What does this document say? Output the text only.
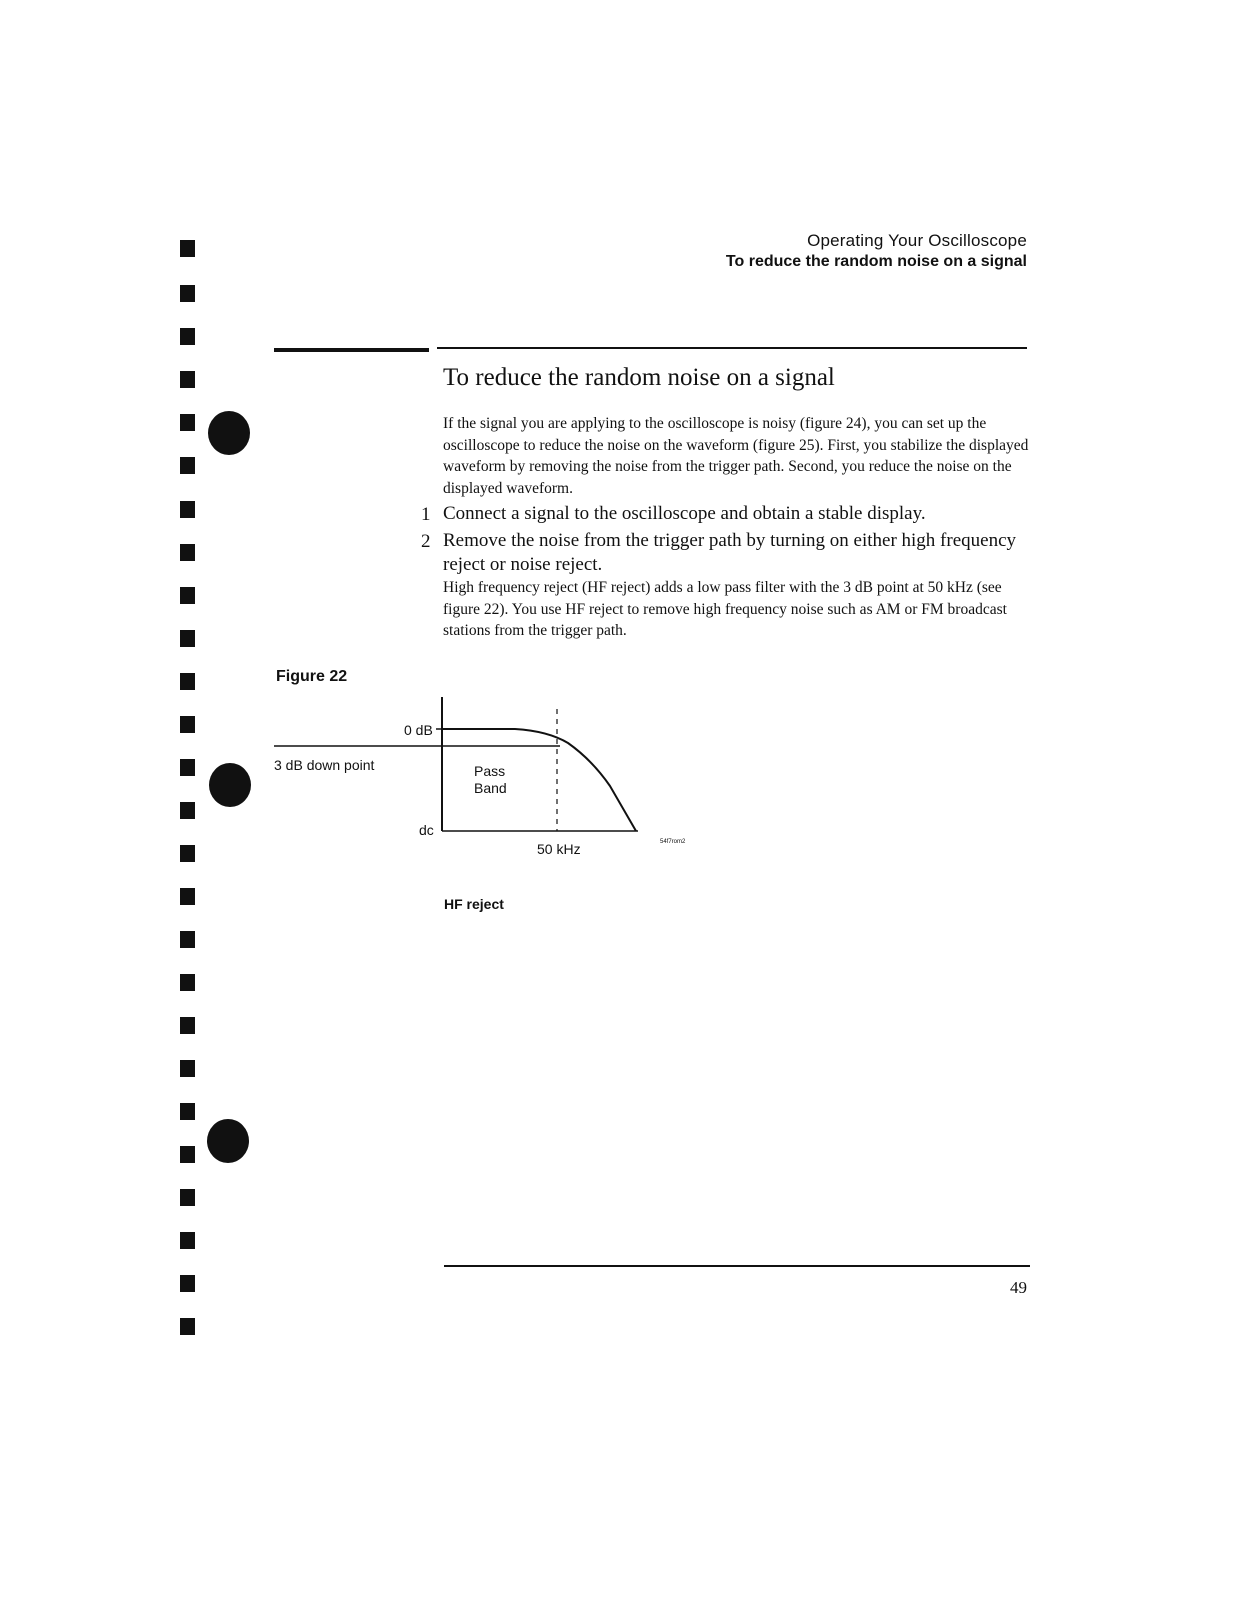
Operating Your Oscilloscope
To reduce the random noise on a signal
To reduce the random noise on a signal
If the signal you are applying to the oscilloscope is noisy (figure 24), you can set up the oscilloscope to reduce the noise on the waveform (figure 25). First, you stabilize the displayed waveform by removing the noise from the trigger path. Second, you reduce the noise on the displayed waveform.
1 Connect a signal to the oscilloscope and obtain a stable display.
2 Remove the noise from the trigger path by turning on either high frequency reject or noise reject.
High frequency reject (HF reject) adds a low pass filter with the 3 dB point at 50 kHz (see figure 22). You use HF reject to remove high frequency noise such as AM or FM broadcast stations from the trigger path.
Figure 22
54f7rom2
0 dB
3 dB down point
dc
Pass
Band
50 kHz
HF reject
49
